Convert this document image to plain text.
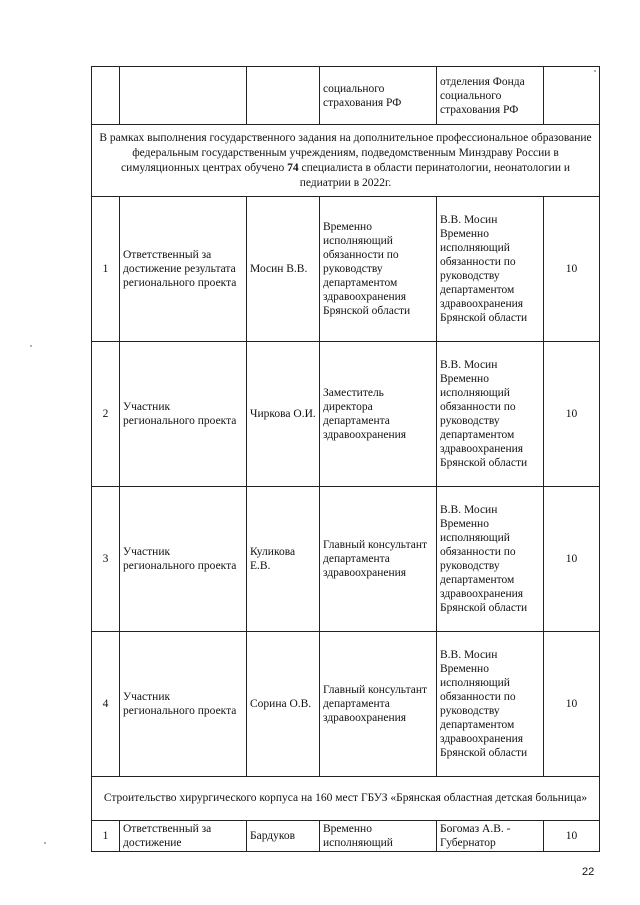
			социального страхования РФ	отделения Фонда социального страхования РФ	
В рамках выполнения государственного задания на дополнительное профессиональное образование федеральным государственным учреждениям, подведомственным Минздраву России в симуляционных центрах обучено 74 специалиста в области перинатологии, неонатологии и педиатрии в 2022г.					
1	Ответственный за достижение результата регионального проекта	Мосин В.В.	Временно исполняющий обязанности по руководству департаментом здравоохранения Брянской области	В.В. Мосин Временно исполняющий обязанности по руководству департаментом здравоохранения Брянской области	10
2	Участник регионального проекта	Чиркова О.И.	Заместитель директора департамента здравоохранения	В.В. Мосин Временно исполняющий обязанности по руководству департаментом здравоохранения Брянской области	10
3	Участник регионального проекта	Куликова Е.В.	Главный консультант департамента здравоохранения	В.В. Мосин Временно исполняющий обязанности по руководству департаментом здравоохранения Брянской области	10
4	Участник регионального проекта	Сорина О.В.	Главный консультант департамента здравоохранения	В.В. Мосин Временно исполняющий обязанности по руководству департаментом здравоохранения Брянской области	10
Строительство хирургического корпуса на 160 мест ГБУЗ «Брянская областная детская больница»					
1	Ответственный за достижение	Бардуков	Временно исполняющий	Богомаз А.В. - Губернатор	10
22
